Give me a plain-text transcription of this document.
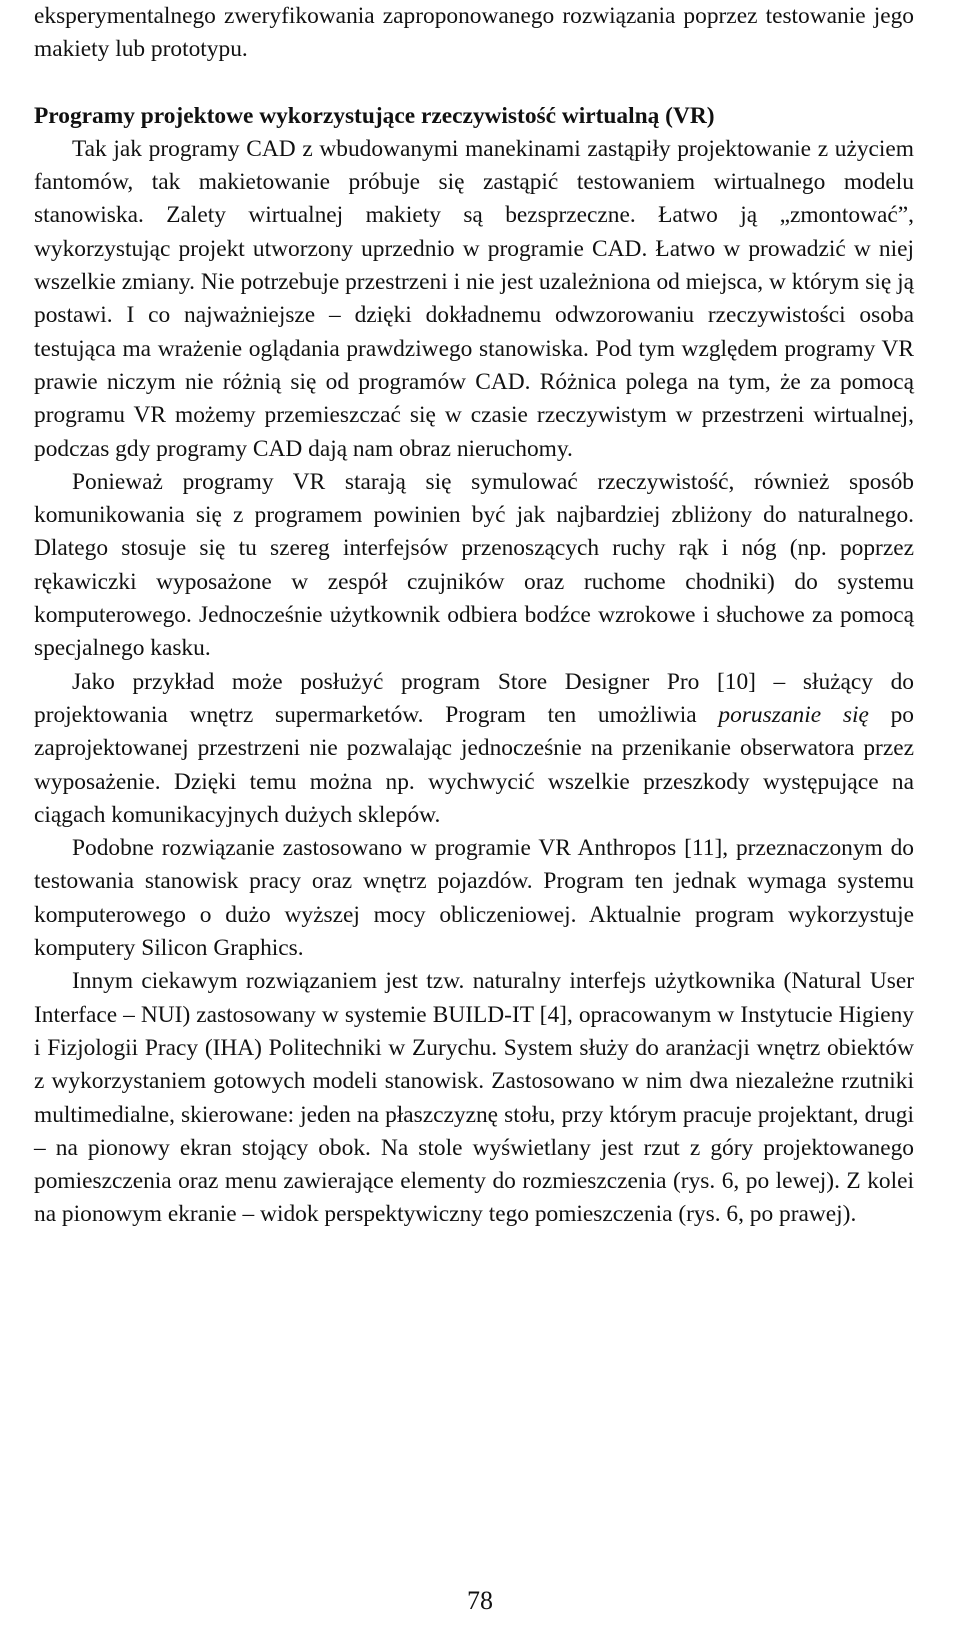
eksperymentalnego zweryfikowania zaproponowanego rozwiązania poprzez testowanie jego makiety lub prototypu.

Programy projektowe wykorzystujące rzeczywistość wirtualną (VR)

Tak jak programy CAD z wbudowanymi manekinami zastąpiły projektowanie z użyciem fantomów, tak makietowanie próbuje się zastąpić testowaniem wirtualnego modelu stanowiska. Zalety wirtualnej makiety są bezsprzeczne. Łatwo ją „zmontować”, wykorzystując projekt utworzony uprzednio w programie CAD. Łatwo w prowadzić w niej wszelkie zmiany. Nie potrzebuje przestrzeni i nie jest uzależniona od miejsca, w którym się ją postawi. I co najważniejsze – dzięki dokładnemu odwzorowaniu rzeczywistości osoba testująca ma wrażenie oglądania prawdziwego stanowiska. Pod tym względem programy VR prawie niczym nie różnią się od programów CAD. Różnica polega na tym, że za pomocą programu VR możemy przemieszczać się w czasie rzeczywistym w przestrzeni wirtualnej, podczas gdy programy CAD dają nam obraz nieruchomy.

Ponieważ programy VR starają się symulować rzeczywistość, również sposób komunikowania się z programem powinien być jak najbardziej zbliżony do naturalnego. Dlatego stosuje się tu szereg interfejsów przenoszących ruchy rąk i nóg (np. poprzez rękawiczki wyposażone w zespół czujników oraz ruchome chodniki) do systemu komputerowego. Jednocześnie użytkownik odbiera bodźce wzrokowe i słuchowe za pomocą specjalnego kasku.

Jako przykład może posłużyć program Store Designer Pro [10] – służący do projektowania wnętrz supermarketów. Program ten umożliwia poruszanie się po zaprojektowanej przestrzeni nie pozwalając jednocześnie na przenikanie obserwatora przez wyposażenie. Dzięki temu można np. wychwycić wszelkie przeszkody występujące na ciągach komunikacyjnych dużych sklepów.

Podobne rozwiązanie zastosowano w programie VR Anthropos [11], przeznaczonym do testowania stanowisk pracy oraz wnętrz pojazdów. Program ten jednak wymaga systemu komputerowego o dużo wyższej mocy obliczeniowej. Aktualnie program wykorzystuje komputery Silicon Graphics.

Innym ciekawym rozwiązaniem jest tzw. naturalny interfejs użytkownika (Natural User Interface – NUI) zastosowany w systemie BUILD-IT [4], opracowanym w Instytucie Higieny i Fizjologii Pracy (IHA) Politechniki w Zurychu. System służy do aranżacji wnętrz obiektów z wykorzystaniem gotowych modeli stanowisk. Zastosowano w nim dwa niezależne rzutniki multimedialne, skierowane: jeden na płaszczyznę stołu, przy którym pracuje projektant, drugi – na pionowy ekran stojący obok. Na stole wyświetlany jest rzut z góry projektowanego pomieszczenia oraz menu zawierające elementy do rozmieszczenia (rys. 6, po lewej). Z kolei na pionowym ekranie – widok perspektywiczny tego pomieszczenia (rys. 6, po prawej).

78
